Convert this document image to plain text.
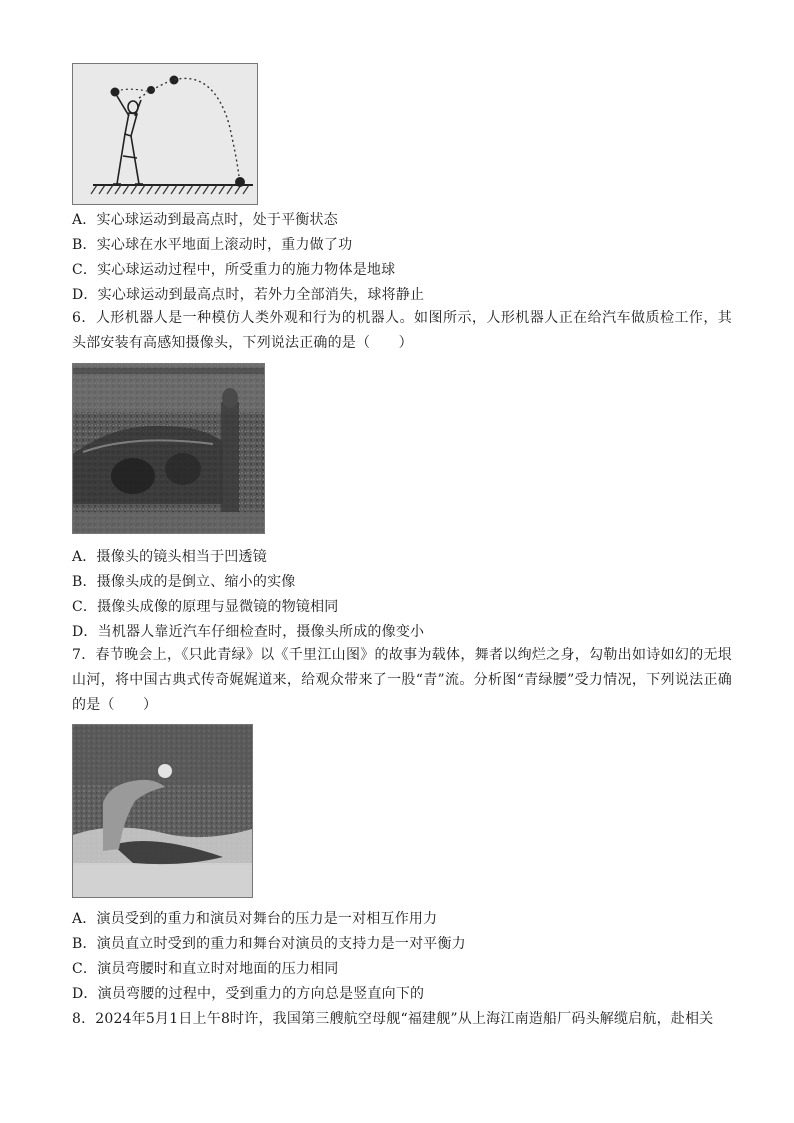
A．实心球运动到最高点时，处于平衡状态
B．实心球在水平地面上滚动时，重力做了功
C．实心球运动过程中，所受重力的施力物体是地球
D．实心球运动到最高点时，若外力全部消失，球将静止
6．人形机器人是一种模仿人类外观和行为的机器人。如图所示，人形机器人正在给汽车做质检工作，其头部安装有高感知摄像头，下列说法正确的是（　　）
A．摄像头的镜头相当于凹透镜
B．摄像头成的是倒立、缩小的实像
C．摄像头成像的原理与显微镜的物镜相同
D．当机器人靠近汽车仔细检查时，摄像头所成的像变小
7．春节晚会上，《只此青绿》以《千里江山图》的故事为载体，舞者以绚烂之身，勾勒出如诗如幻的无垠山河，将中国古典式传奇娓娓道来，给观众带来了一股“青”流。分析图“青绿腰”受力情况，下列说法正确的是（　　）
A．演员受到的重力和演员对舞台的压力是一对相互作用力
B．演员直立时受到的重力和舞台对演员的支持力是一对平衡力
C．演员弯腰时和直立时对地面的压力相同
D．演员弯腰的过程中，受到重力的方向总是竖直向下的
8．2024年5月1日上午8时许，我国第三艘航空母舰“福建舰”从上海江南造船厂码头解缆启航，赴相关
